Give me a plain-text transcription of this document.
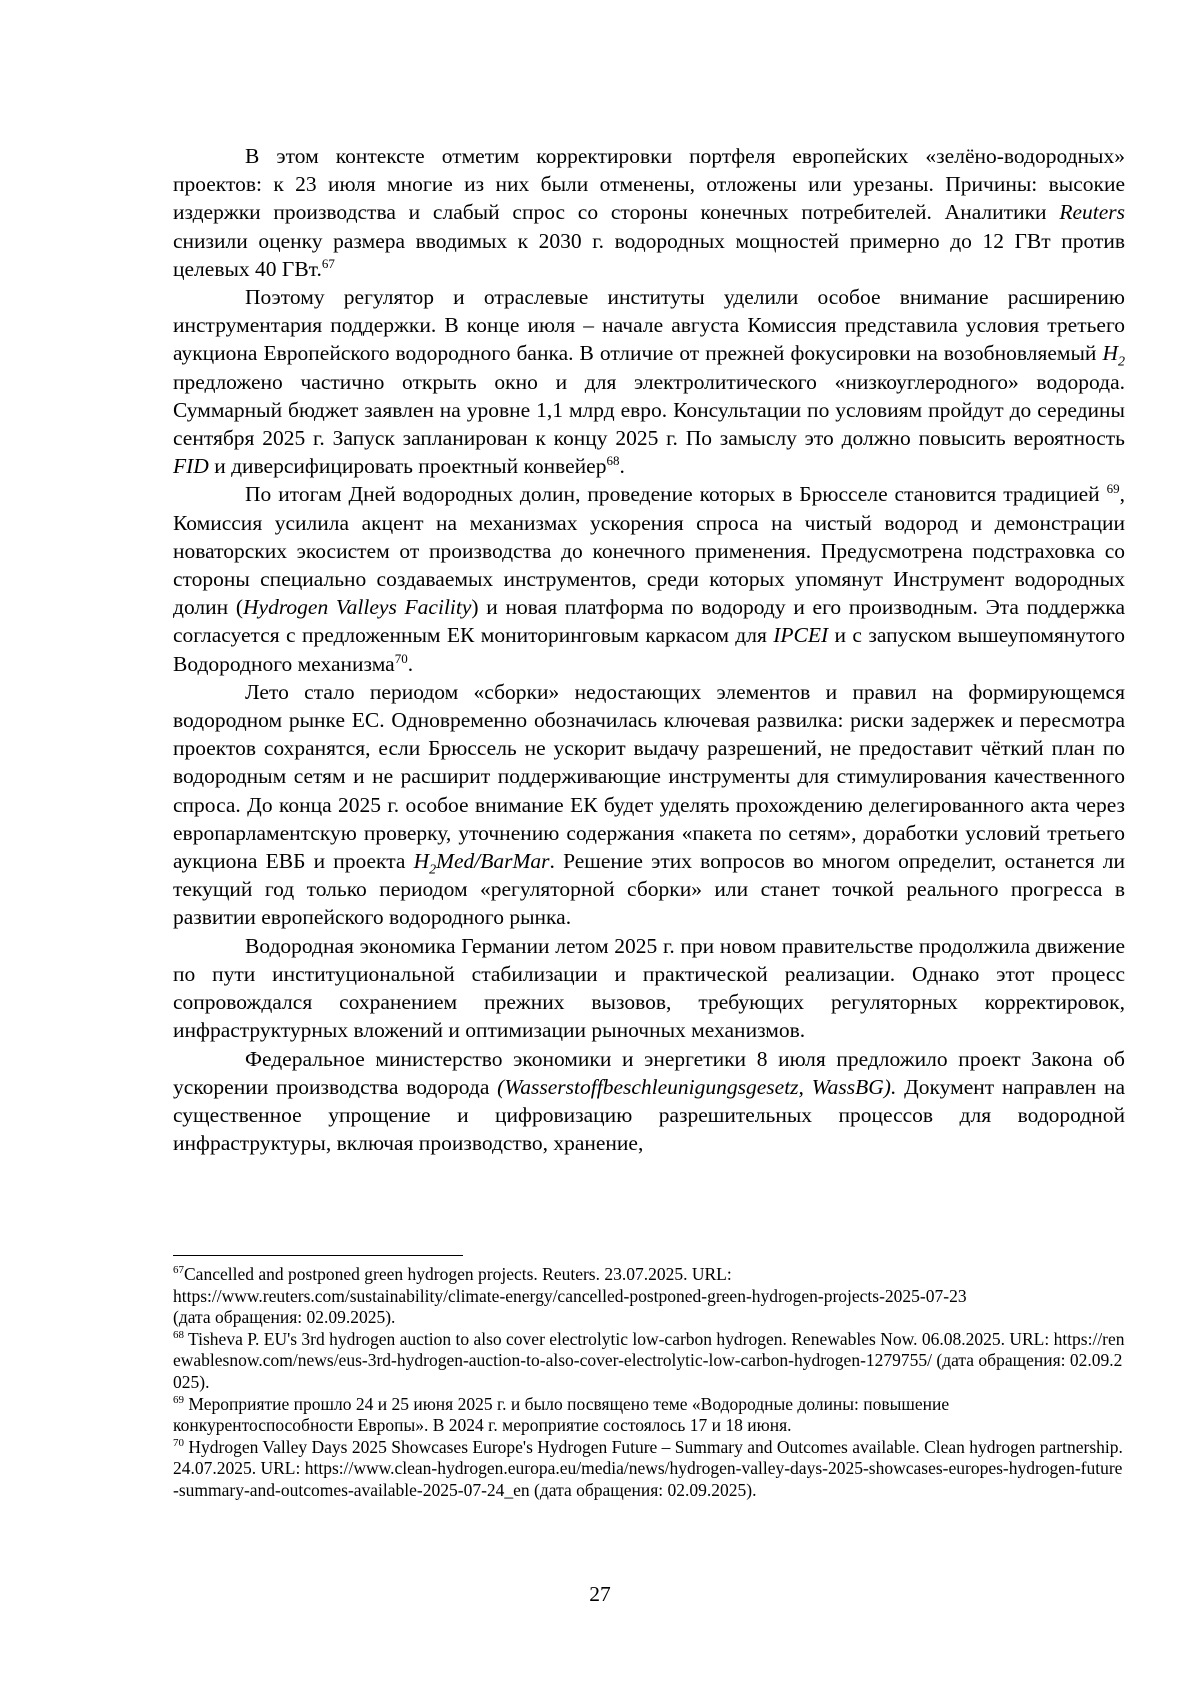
В этом контексте отметим корректировки портфеля европейских «зелёно-водородных» проектов: к 23 июля многие из них были отменены, отложены или урезаны. Причины: высокие издержки производства и слабый спрос со стороны конечных потребителей. Аналитики Reuters снизили оценку размера вводимых к 2030 г. водородных мощностей примерно до 12 ГВт против целевых 40 ГВт.$^{67}$

Поэтому регулятор и отраслевые институты уделили особое внимание расширению инструментария поддержки. В конце июля – начале августа Комиссия представила условия третьего аукциона Европейского водородного банка. В отличие от прежней фокусировки на возобновляемый $H_2$ предложено частично открыть окно и для электролитического «низкоуглеродного» водорода. Суммарный бюджет заявлен на уровне 1,1 млрд евро. Консультации по условиям пройдут до середины сентября 2025 г. Запуск запланирован к концу 2025 г. По замыслу это должно повысить вероятность FID и диверсифицировать проектный конвейер$^{68}$.

По итогам Дней водородных долин, проведение которых в Брюсселе становится традицией $^{69}$, Комиссия усилила акцент на механизмах ускорения спроса на чистый водород и демонстрации новаторских экосистем от производства до конечного применения. Предусмотрена подстраховка со стороны специально создаваемых инструментов, среди которых упомянут Инструмент водородных долин (Hydrogen Valleys Facility) и новая платформа по водороду и его производным. Эта поддержка согласуется с предложенным ЕК мониторинговым каркасом для IPCEI и с запуском вышеупомянутого Водородного механизма$^{70}$.

Лето стало периодом «сборки» недостающих элементов и правил на формирующемся водородном рынке ЕС. Одновременно обозначилась ключевая развилка: риски задержек и пересмотра проектов сохранятся, если Брюссель не ускорит выдачу разрешений, не предоставит чёткий план по водородным сетям и не расширит поддерживающие инструменты для стимулирования качественного спроса. До конца 2025 г. особое внимание ЕК будет уделять прохождению делегированного акта через европарламентскую проверку, уточнению содержания «пакета по сетям», доработки условий третьего аукциона ЕВБ и проекта $H_2Med$/BarMar. Решение этих вопросов во многом определит, останется ли текущий год только периодом «регуляторной сборки» или станет точкой реального прогресса в развитии европейского водородного рынка.

Водородная экономика Германии летом 2025 г. при новом правительстве продолжила движение по пути институциональной стабилизации и практической реализации. Однако этот процесс сопровождался сохранением прежних вызовов, требующих регуляторных корректировок, инфраструктурных вложений и оптимизации рыночных механизмов.

Федеральное министерство экономики и энергетики 8 июля предложило проект Закона об ускорении производства водорода (Wasserstoffbeschleunigungsgesetz, WassBG). Документ направлен на существенное упрощение и цифровизацию разрешительных процессов для водородной инфраструктуры, включая производство, хранение,

$^{67}$Cancelled and postponed green hydrogen projects. Reuters. 23.07.2025. URL:
https://www.reuters.com/sustainability/climate-energy/cancelled-postponed-green-hydrogen-projects-2025-07-23
(дата обращения: 02.09.2025).

$^{68}$ Tisheva P. EU's 3rd hydrogen auction to also cover electrolytic low-carbon hydrogen. Renewables Now. 06.08.2025. URL: https://renewablesnow.com/news/eus-3rd-hydrogen-auction-to-also-cover-electrolytic-low-carbon-hydrogen-1279755/ (дата обращения: 02.09.2025).

$^{69}$ Мероприятие прошло 24 и 25 июня 2025 г. и было посвящено теме «Водородные долины: повышение конкурентоспособности Европы». В 2024 г. мероприятие состоялось 17 и 18 июня.

$^{70}$ Hydrogen Valley Days 2025 Showcases Europe's Hydrogen Future – Summary and Outcomes available. Clean hydrogen partnership. 24.07.2025. URL: https://www.clean-hydrogen.europa.eu/media/news/hydrogen-valley-days-2025-showcases-europes-hydrogen-future-summary-and-outcomes-available-2025-07-24_en (дата обращения: 02.09.2025).

27
